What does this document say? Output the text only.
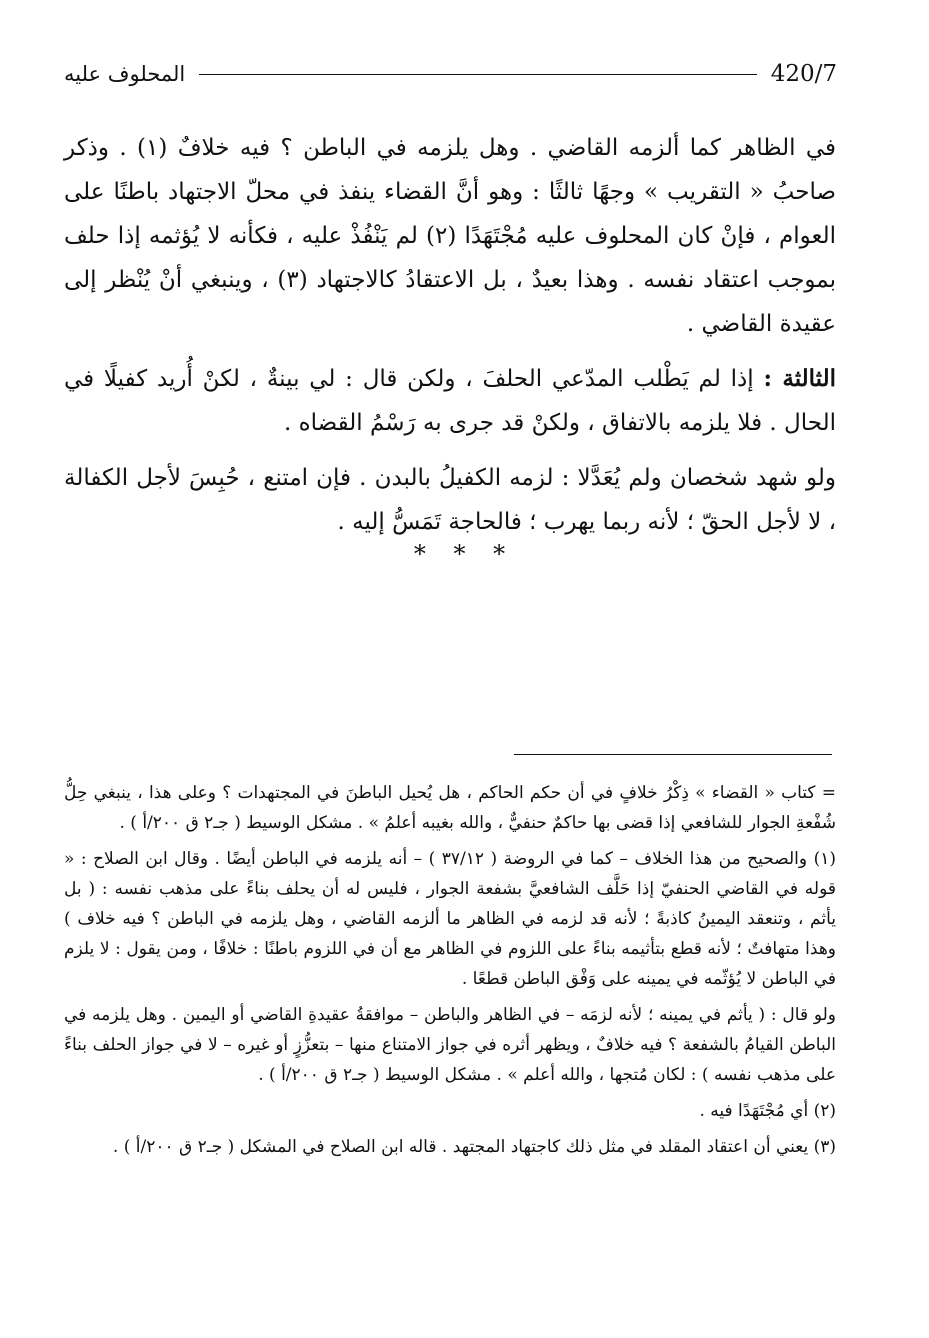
المحلوف عليه	420/7

في الظاهر كما ألزمه القاضي . وهل يلزمه في الباطن ؟ فيه خلافٌ (١) . وذكر صاحبُ « التقريب » وجهًا ثالثًا : وهو أنَّ القضاء ينفذ في محلّ الاجتهاد باطنًا على العوام ، فإنْ كان المحلوف عليه مُجْتَهَدًا (٢) لم يَنْفُذْ عليه ، فكأنه لا يُؤثمه إذا حلف بموجب اعتقاد نفسه . وهذا بعيدٌ ، بل الاعتقادُ كالاجتهاد (٣) ، وينبغي أنْ يُنْظر إلى عقيدة القاضي .

الثالثة : إذا لم يَطْلب المدّعي الحلفَ ، ولكن قال : لي بينةٌ ، لكنْ أُريد كفيلًا في الحال . فلا يلزمه بالاتفاق ، ولكنْ قد جرى به رَسْمُ القضاه .

ولو شهد شخصان ولم يُعَدَّلا : لزمه الكفيلُ بالبدن . فإن امتنع ، حُبِسَ لأجل الكفالة ، لا لأجل الحقّ ؛ لأنه ربما يهرب ؛ فالحاجة تَمَسُّ إليه .

* * *

= كتاب « القضاء » ذِكْرُ خلافٍ في أن حكم الحاكم ، هل يُحيل الباطنَ في المجتهدات ؟ وعلى هذا ، ينبغي حِلُّ شُفْعةِ الجوار للشافعي إذا قضى بها حاكمٌ حنفيٌّ ، والله بغيبه أعلمُ » . مشكل الوسيط ( جـ٢ ق ٢٠٠/أ ) .

(١) والصحيح من هذا الخلاف – كما في الروضة ( ٣٧/١٢ ) – أنه يلزمه في الباطن أيضًا . وقال ابن الصلاح : « قوله في القاضي الحنفيّ إذا حَلَّف الشافعيَّ بشفعة الجوار ، فليس له أن يحلف بناءً على مذهب نفسه : ( بل يأثم ، وتنعقد اليمينُ كاذبةً ؛ لأنه قد لزمه في الظاهر ما ألزمه القاضي ، وهل يلزمه في الباطن ؟ فيه خلاف ) وهذا متهافتٌ ؛ لأنه قطع بتأثيمه بناءً على اللزوم في الظاهر مع أن في اللزوم باطنًا : خلافًا ، ومن يقول : لا يلزم في الباطن لا يُؤثّمه في يمينه على وَفْق الباطن قطعًا .

ولو قال : ( يأثم في يمينه ؛ لأنه لزمَه – في الظاهر والباطن – موافقةُ عقيدةِ القاضي أو اليمين . وهل يلزمه في الباطن القيامُ بالشفعة ؟ فيه خلافٌ ، ويظهر أثره في جواز الامتناع منها – بتعزُّزٍ أو غيره – لا في جواز الحلف بناءً على مذهب نفسه ) : لكان مُتجها ، والله أعلم » . مشكل الوسيط ( جـ٢ ق ٢٠٠/أ ) .

(٢) أي مُجْتَهَدًا فيه .

(٣) يعني أن اعتقاد المقلد في مثل ذلك كاجتهاد المجتهد . قاله ابن الصلاح في المشكل ( جـ٢ ق ٢٠٠/أ ) .
